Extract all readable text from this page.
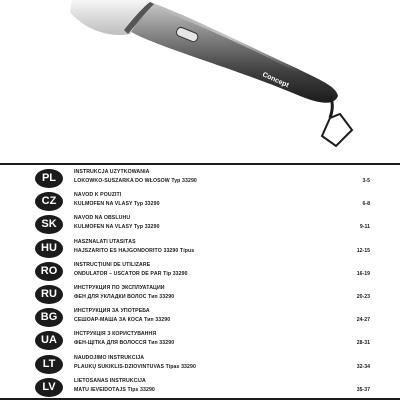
Concept
PL	INSTRUKCJA UŻYTKOWANIA
LOKÓWKO-SUSZARKA DO WŁOSÓW Typ 33290	3-5
CZ	NÁVOD K POUŽITÍ
KULMOFÉN NA VLASY Typ 33290	6-8
SK	NÁVOD NA OBSLUHU
KULMOFÉN NA VLASY Typ 33290	9-11
HU	HASZNÁLATI UTASÍTÁS
HAJSZÁRÍTÓ ÉS HAJGÖNDÖRÍTŐ 33290 Típus	12-15
RO	INSTRUCȚIUNI DE UTILIZARE
ONDULATOR – USCĂTOR DE PĂR Tip 33290	16-19
RU	ИНСТРУКЦИЯ ПО ЭКСПЛУАТАЦИИ
ФЕН ДЛЯ УКЛАДКИ ВОЛОС Тип 33290	20-23
BG	ИНСТРУКЦИЯ ЗА УПОТРЕБА
СЕШОАР-МАША ЗА КОСА Тип 33290	24-27
UA	ІНСТРУКЦІЯ З КОРИСТУВАННЯ
ФЕН-ЩІТКА ДЛЯ ВОЛОССЯ Тип 33290	28-31
LT	NAUDOJIMO INSTRUKCIJA
PLAUKŲ SUKIKLIS-DŽIOVINTUVAS Tipas 33290	32-34
LV	LIETOŠANAS INSTRUKCIJA
MATU IEVEIDOTĀJS Tips 33290	35-37
